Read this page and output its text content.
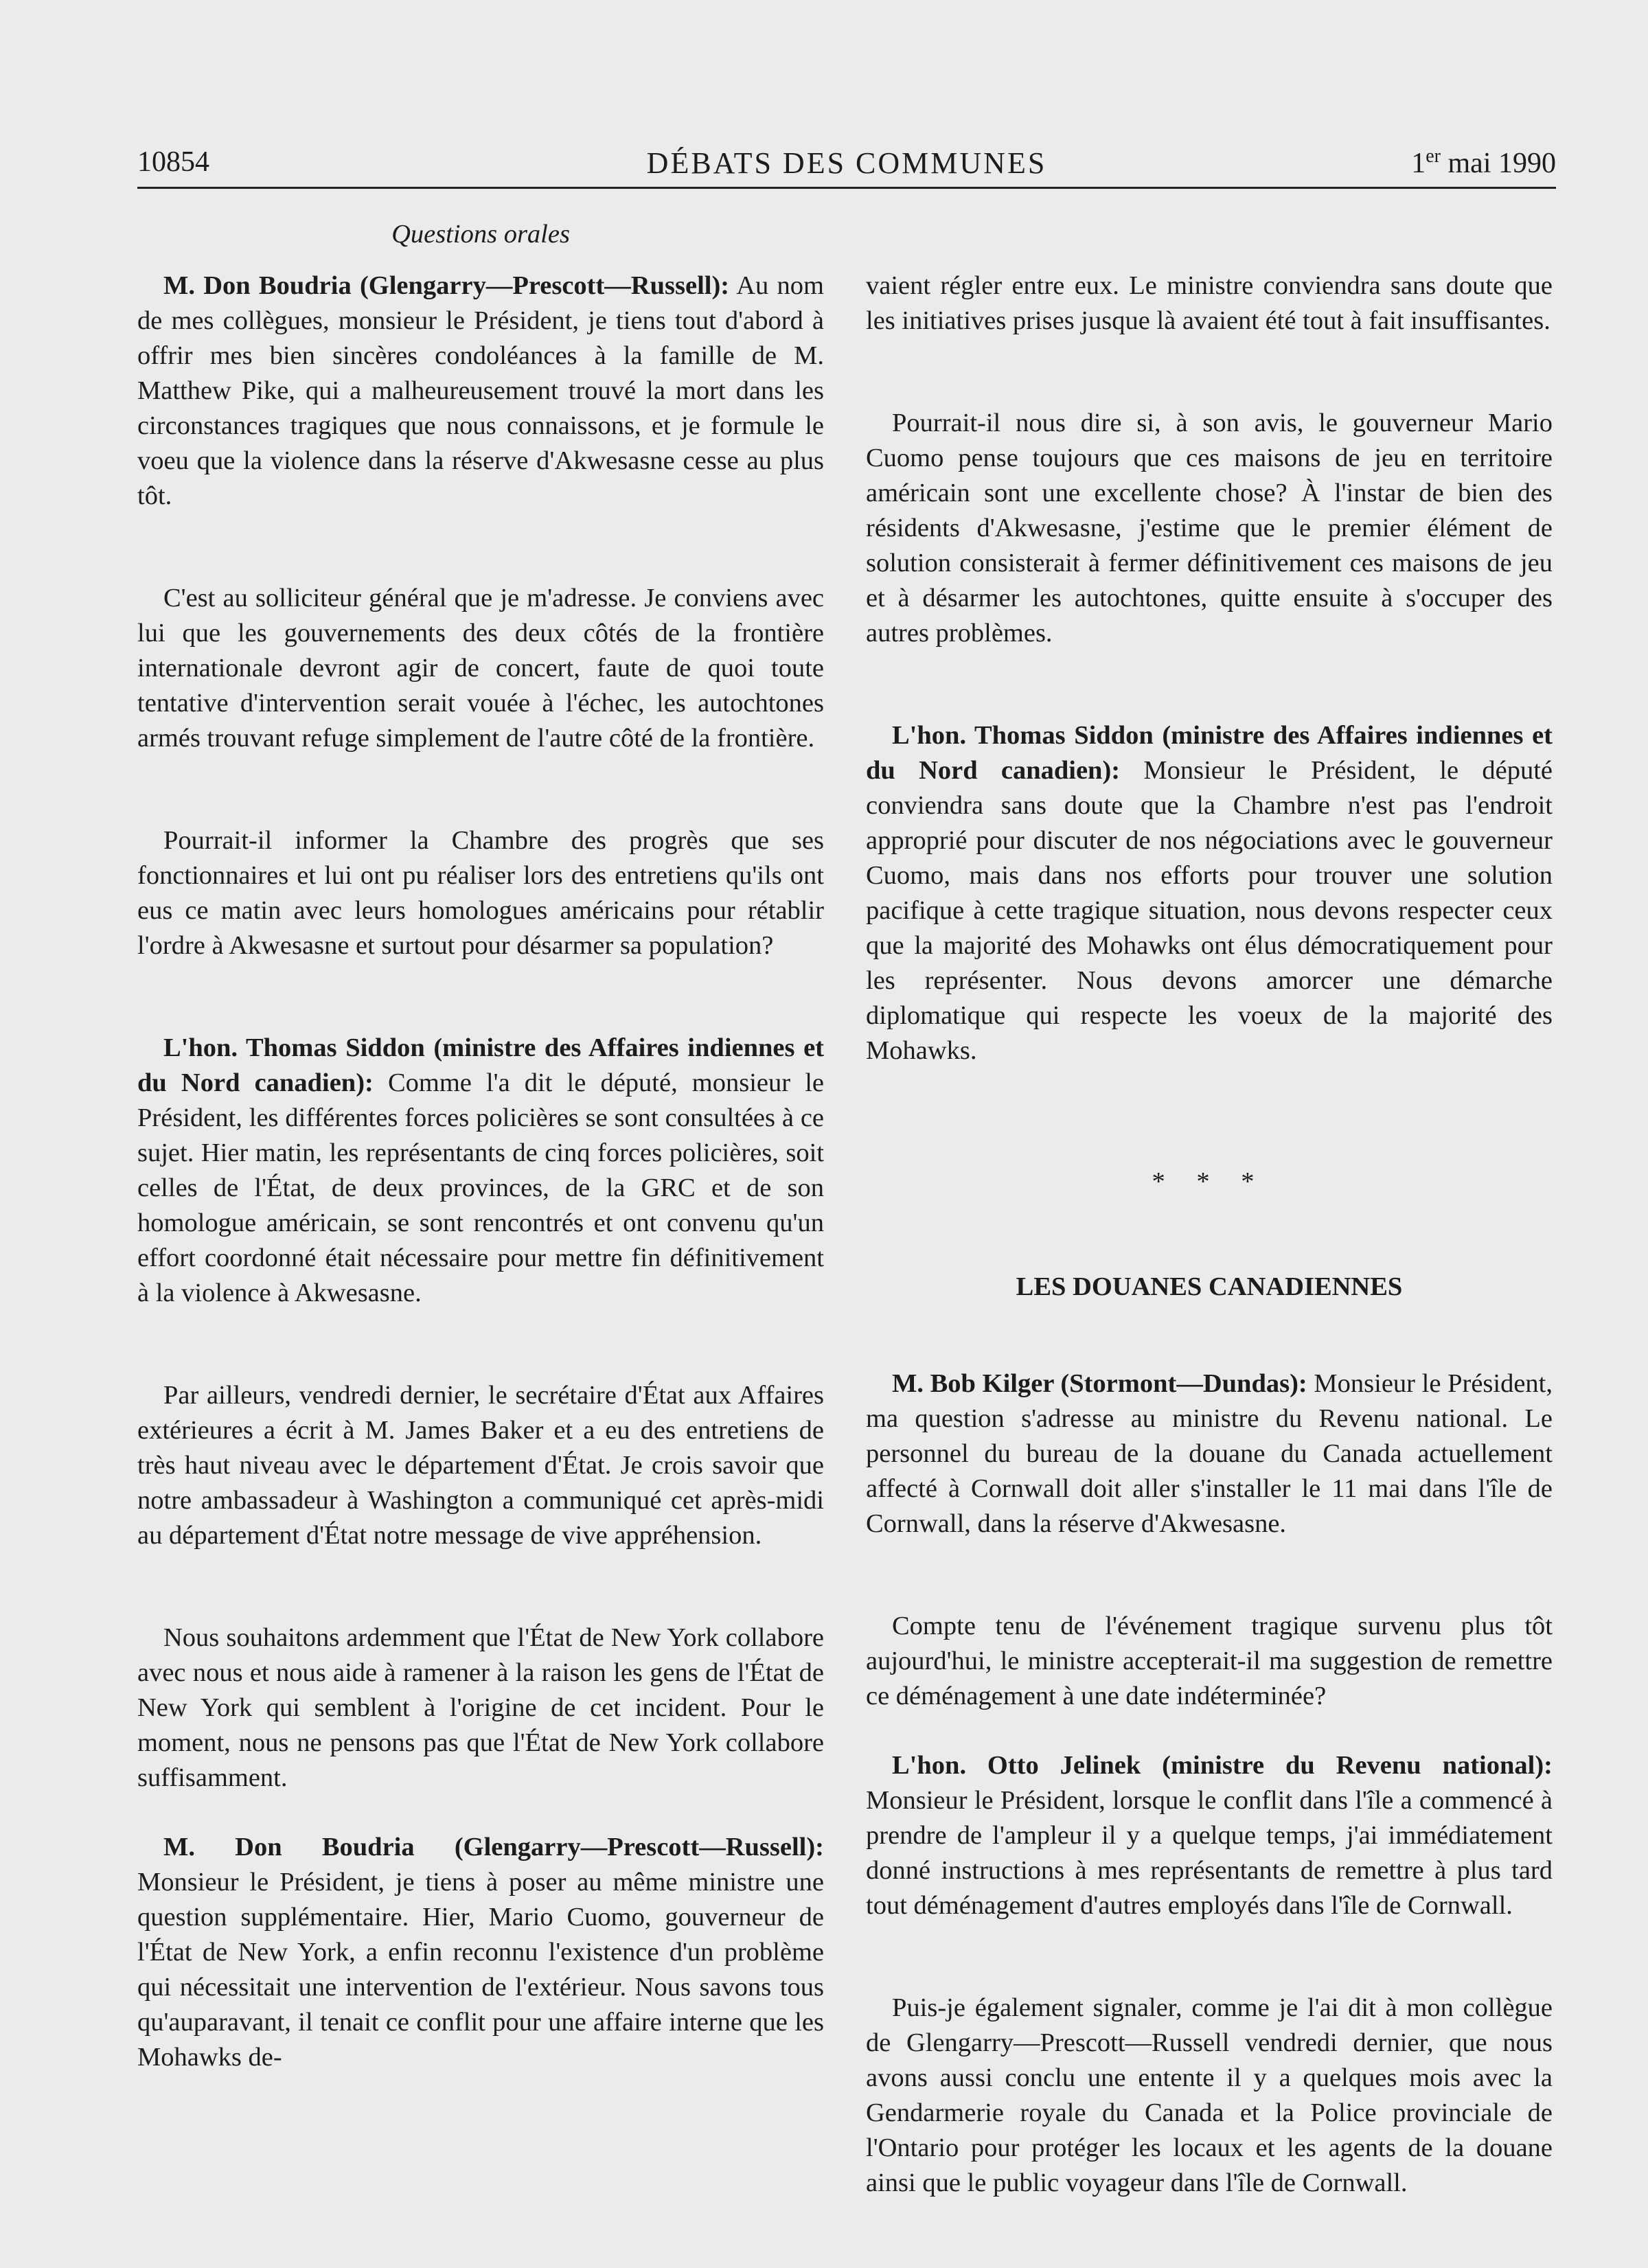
10854	DÉBATS DES COMMUNES	1er mai 1990
Questions orales

M. Don Boudria (Glengarry—Prescott—Russell): Au nom de mes collègues, monsieur le Président, je tiens tout d'abord à offrir mes bien sincères condoléances à la famille de M. Matthew Pike, qui a malheureusement trouvé la mort dans les circonstances tragiques que nous connaissons, et je formule le voeu que la violence dans la réserve d'Akwesasne cesse au plus tôt.

C'est au solliciteur général que je m'adresse. Je conviens avec lui que les gouvernements des deux côtés de la frontière internationale devront agir de concert, faute de quoi toute tentative d'intervention serait vouée à l'échec, les autochtones armés trouvant refuge simplement de l'autre côté de la frontière.

Pourrait-il informer la Chambre des progrès que ses fonctionnaires et lui ont pu réaliser lors des entretiens qu'ils ont eus ce matin avec leurs homologues américains pour rétablir l'ordre à Akwesasne et surtout pour désarmer sa population?

L'hon. Thomas Siddon (ministre des Affaires indiennes et du Nord canadien): Comme l'a dit le député, monsieur le Président, les différentes forces policières se sont consultées à ce sujet. Hier matin, les représentants de cinq forces policières, soit celles de l'État, de deux provinces, de la GRC et de son homologue américain, se sont rencontrés et ont convenu qu'un effort coordonné était nécessaire pour mettre fin définitivement à la violence à Akwesasne.

Par ailleurs, vendredi dernier, le secrétaire d'État aux Affaires extérieures a écrit à M. James Baker et a eu des entretiens de très haut niveau avec le département d'État. Je crois savoir que notre ambassadeur à Washington a communiqué cet après-midi au département d'État notre message de vive appréhension.

Nous souhaitons ardemment que l'État de New York collabore avec nous et nous aide à ramener à la raison les gens de l'État de New York qui semblent à l'origine de cet incident. Pour le moment, nous ne pensons pas que l'État de New York collabore suffisamment.

M. Don Boudria (Glengarry—Prescott—Russell): Monsieur le Président, je tiens à poser au même ministre une question supplémentaire. Hier, Mario Cuomo, gouverneur de l'État de New York, a enfin reconnu l'existence d'un problème qui nécessitait une intervention de l'extérieur. Nous savons tous qu'auparavant, il tenait ce conflit pour une affaire interne que les Mohawks de-

vaient régler entre eux. Le ministre conviendra sans doute que les initiatives prises jusque là avaient été tout à fait insuffisantes.

Pourrait-il nous dire si, à son avis, le gouverneur Mario Cuomo pense toujours que ces maisons de jeu en territoire américain sont une excellente chose? À l'instar de bien des résidents d'Akwesasne, j'estime que le premier élément de solution consisterait à fermer définitivement ces maisons de jeu et à désarmer les autochtones, quitte ensuite à s'occuper des autres problèmes.

L'hon. Thomas Siddon (ministre des Affaires indiennes et du Nord canadien): Monsieur le Président, le député conviendra sans doute que la Chambre n'est pas l'endroit approprié pour discuter de nos négociations avec le gouverneur Cuomo, mais dans nos efforts pour trouver une solution pacifique à cette tragique situation, nous devons respecter ceux que la majorité des Mohawks ont élus démocratiquement pour les représenter. Nous devons amorcer une démarche diplomatique qui respecte les voeux de la majorité des Mohawks.

* * *
LES DOUANES CANADIENNES

M. Bob Kilger (Stormont—Dundas): Monsieur le Président, ma question s'adresse au ministre du Revenu national. Le personnel du bureau de la douane du Canada actuellement affecté à Cornwall doit aller s'installer le 11 mai dans l'île de Cornwall, dans la réserve d'Akwesasne.

Compte tenu de l'événement tragique survenu plus tôt aujourd'hui, le ministre accepterait-il ma suggestion de remettre ce déménagement à une date indéterminée?

L'hon. Otto Jelinek (ministre du Revenu national): Monsieur le Président, lorsque le conflit dans l'île a commencé à prendre de l'ampleur il y a quelque temps, j'ai immédiatement donné instructions à mes représentants de remettre à plus tard tout déménagement d'autres employés dans l'île de Cornwall.

Puis-je également signaler, comme je l'ai dit à mon collègue de Glengarry—Prescott—Russell vendredi dernier, que nous avons aussi conclu une entente il y a quelques mois avec la Gendarmerie royale du Canada et la Police provinciale de l'Ontario pour protéger les locaux et les agents de la douane ainsi que le public voyageur dans l'île de Cornwall.
